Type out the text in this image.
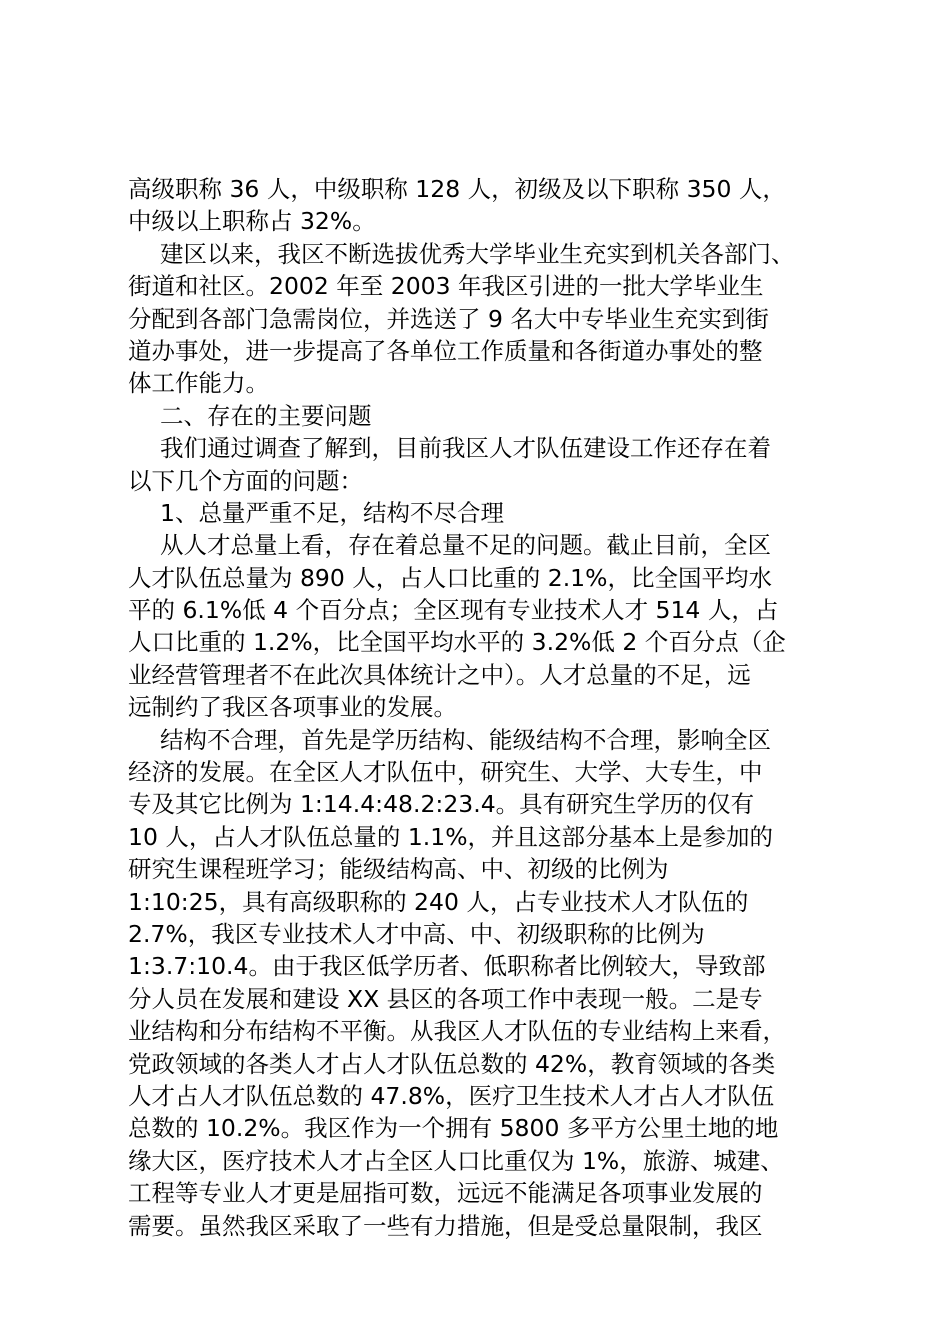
高级职称 36 人，中级职称 128 人，初级及以下职称 350 人，
中级以上职称占 32%。
建区以来，我区不断选拔优秀大学毕业生充实到机关各部门、
街道和社区。2002 年至 2003 年我区引进的一批大学毕业生
分配到各部门急需岗位，并选送了 9 名大中专毕业生充实到街
道办事处，进一步提高了各单位工作质量和各街道办事处的整
体工作能力。
二、存在的主要问题
我们通过调查了解到，目前我区人才队伍建设工作还存在着
以下几个方面的问题：
1、总量严重不足，结构不尽合理
从人才总量上看，存在着总量不足的问题。截止目前，全区
人才队伍总量为 890 人，占人口比重的 2.1%，比全国平均水
平的 6.1%低 4 个百分点；全区现有专业技术人才 514 人，占
人口比重的 1.2%，比全国平均水平的 3.2%低 2 个百分点（企
业经营管理者不在此次具体统计之中）。人才总量的不足，远
远制约了我区各项事业的发展。
结构不合理，首先是学历结构、能级结构不合理，影响全区
经济的发展。在全区人才队伍中，研究生、大学、大专生，中
专及其它比例为 1:14.4:48.2:23.4。具有研究生学历的仅有
10 人，占人才队伍总量的 1.1%，并且这部分基本上是参加的
研究生课程班学习；能级结构高、中、初级的比例为
1:10:25，具有高级职称的 240 人，占专业技术人才队伍的
2.7%，我区专业技术人才中高、中、初级职称的比例为
1:3.7:10.4。由于我区低学历者、低职称者比例较大，导致部
分人员在发展和建设 XX 县区的各项工作中表现一般。二是专
业结构和分布结构不平衡。从我区人才队伍的专业结构上来看，
党政领域的各类人才占人才队伍总数的 42%，教育领域的各类
人才占人才队伍总数的 47.8%，医疗卫生技术人才占人才队伍
总数的 10.2%。我区作为一个拥有 5800 多平方公里土地的地
缘大区，医疗技术人才占全区人口比重仅为 1%，旅游、城建、
工程等专业人才更是屈指可数，远远不能满足各项事业发展的
需要。虽然我区采取了一些有力措施，但是受总量限制，我区
